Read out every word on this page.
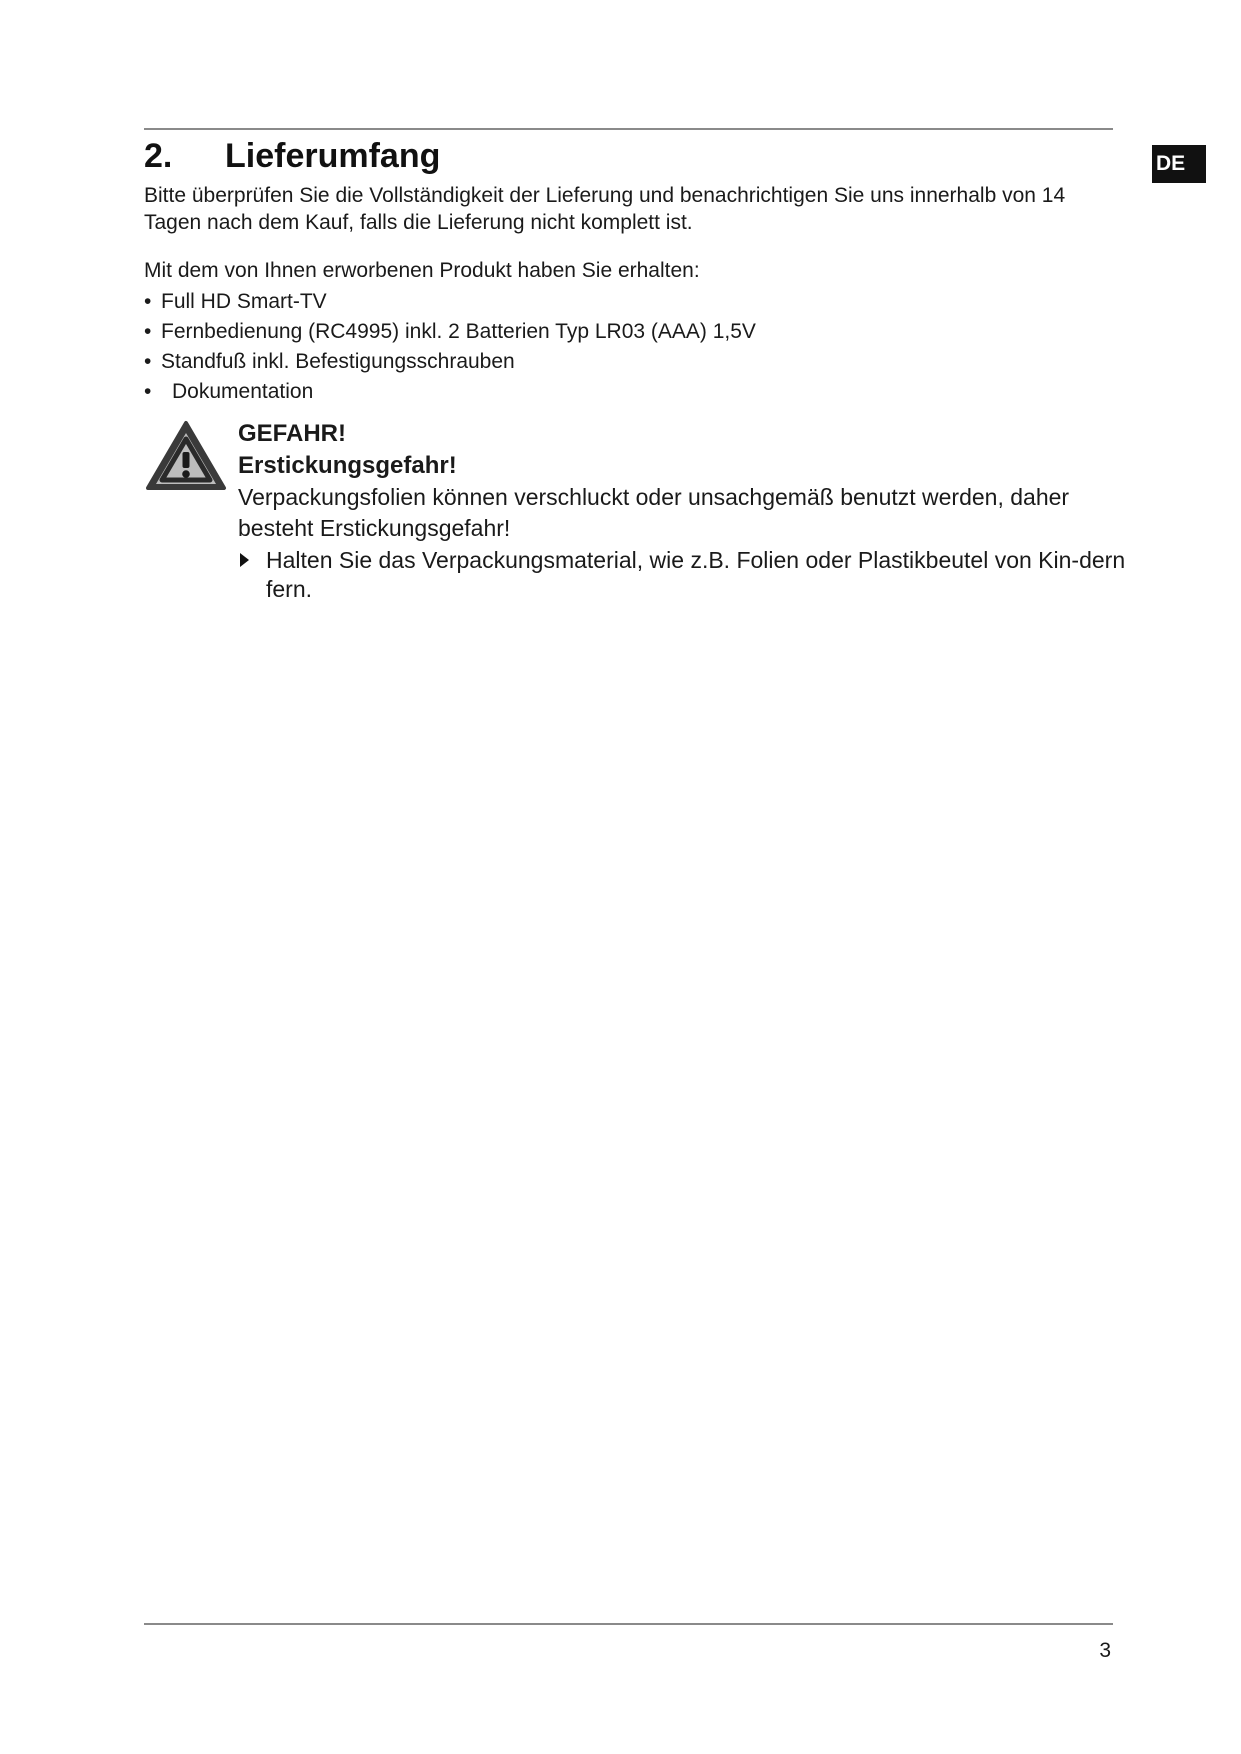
2. Lieferumfang	DE

Bitte überprüfen Sie die Vollständigkeit der Lieferung und benachrichtigen Sie uns innerhalb von 14 Tagen nach dem Kauf, falls die Lieferung nicht komplett ist.

Mit dem von Ihnen erworbenen Produkt haben Sie erhalten:

• Full HD Smart-TV
• Fernbedienung (RC4995) inkl. 2 Batterien Typ LR03 (AAA) 1,5V
• Standfuß inkl. Befestigungsschrauben
• Dokumentation

GEFAHR!

Erstickungsgefahr!

Verpackungsfolien können verschluckt oder unsachgemäß benutzt werden, daher besteht Erstickungsgefahr!

Halten Sie das Verpackungsmaterial, wie z.B. Folien oder Plastikbeutel von Kin-dern fern.
3
